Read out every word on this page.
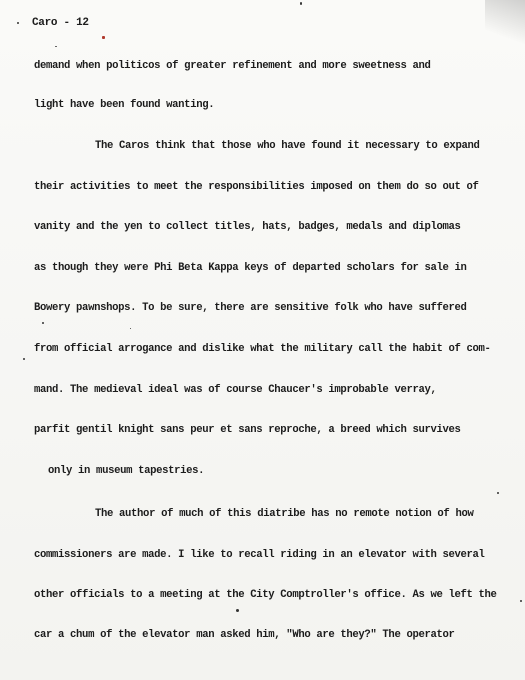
Caro - 12
demand when politicos of greater refinement and more sweetness and
light have been found wanting.
The Caros think that those who have found it necessary to expand
their activities to meet the responsibilities imposed on them do so out of
vanity and the yen to collect titles, hats, badges, medals and diplomas
as though they were Phi Beta Kappa keys of departed scholars for sale in
Bowery pawnshops. To be sure, there are sensitive folk who have suffered
from official arrogance and dislike what the military call the habit of com-
mand. The medieval ideal was of course Chaucer's improbable verray,
parfit gentil knight sans peur et sans reproche, a breed which survives
only in museum tapestries.
The author of much of this diatribe has no remote notion of how
commissioners are made. I like to recall riding in an elevator with several
other officials to a meeting at the City Comptroller's office. As we left the
car a chum of the elevator man asked him, "Who are they?" The operator
